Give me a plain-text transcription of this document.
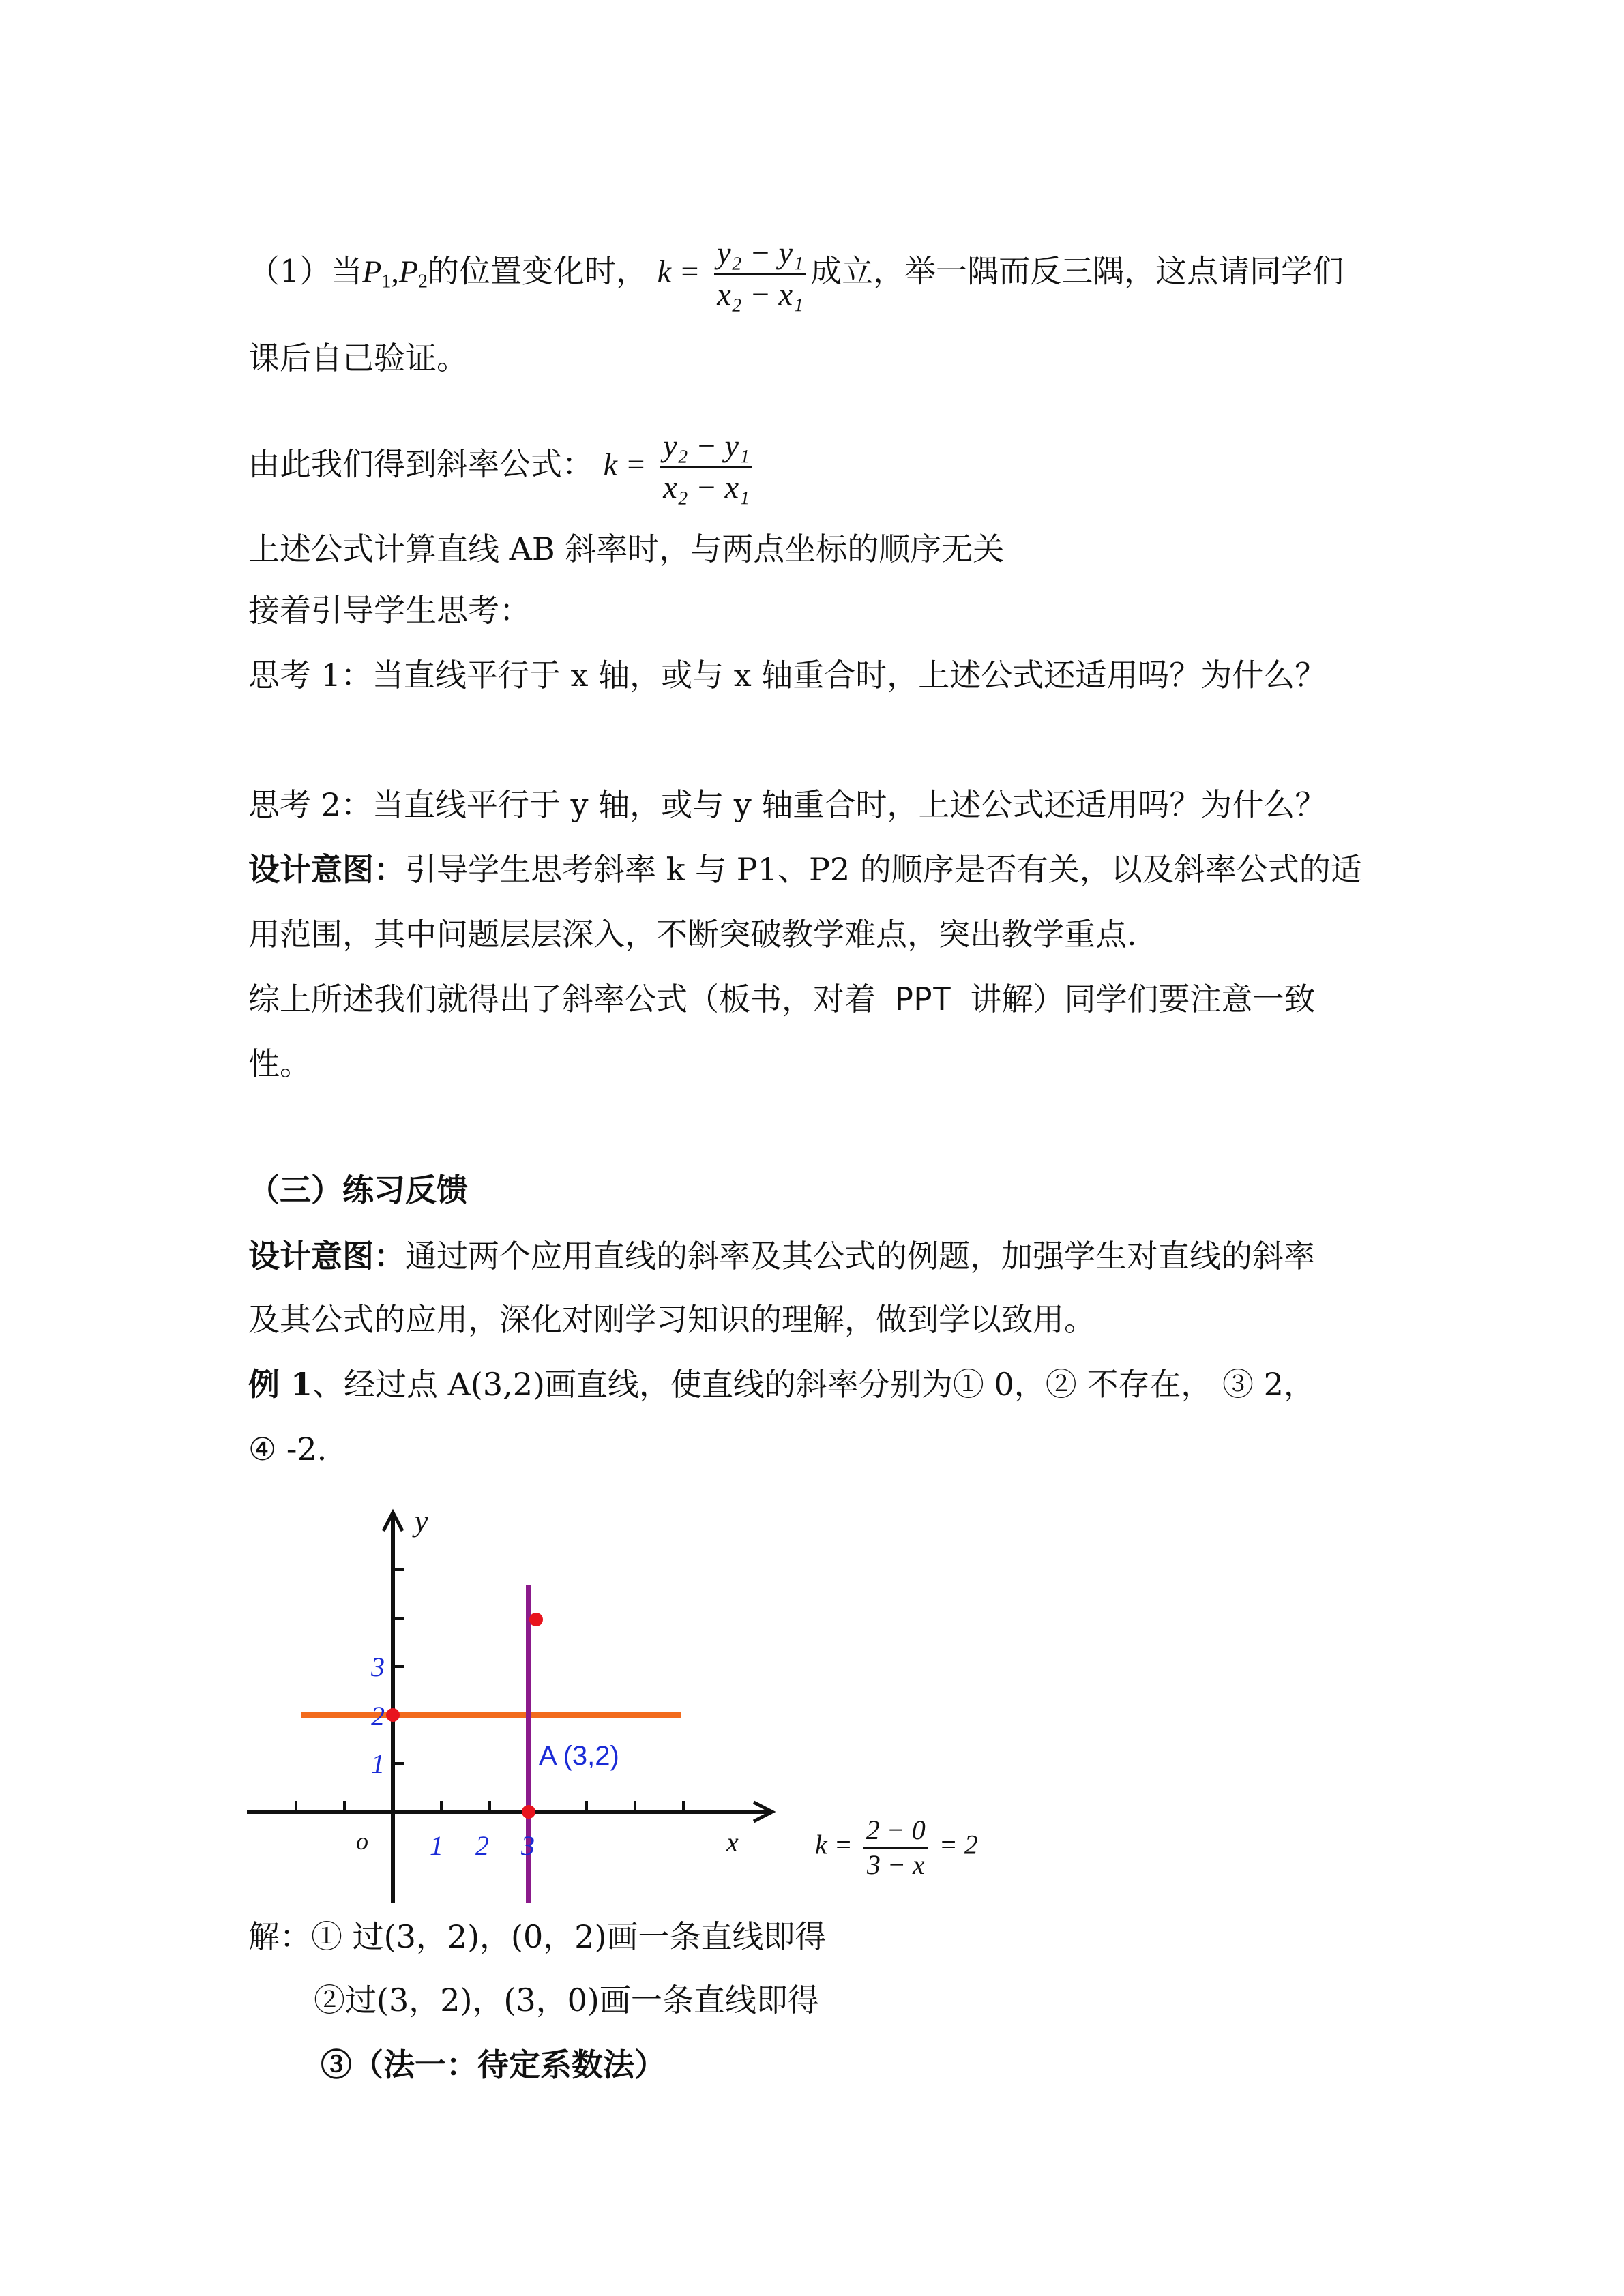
（1）当$P_1,P_2$的位置变化时， $k = \frac{\text{y₂ − y₁}}{\text{x₂ − x₁}}$ 成立，举一隅而反三隅，这点请同学们
课后自己验证。
由此我们得到斜率公式： $k = \frac{\text{y₂ − y₁}}{\text{x₂ − x₁}}$
上述公式计算直线 AB 斜率时，与两点坐标的顺序无关
接着引导学生思考：
思考 1：当直线平行于 x 轴，或与 x 轴重合时，上述公式还适用吗？为什么？
思考 2：当直线平行于 y 轴，或与 y 轴重合时，上述公式还适用吗？为什么？
设计意图：引导学生思考斜率 k 与 P1、P2 的顺序是否有关，以及斜率公式的适
用范围，其中问题层层深入，不断突破教学难点，突出教学重点.
综上所述我们就得出了斜率公式（板书，对着 PPT 讲解）同学们要注意一致
性。
（三）练习反馈
设计意图：通过两个应用直线的斜率及其公式的例题，加强学生对直线的斜率
及其公式的应用，深化对刚学习知识的理解，做到学以致用。
例 1、经过点 A(3,2)画直线，使直线的斜率分别为① 0，② 不存在， ③ 2，
④ -2.
1 2 3
1
2
3
o
y
x
A (3,2)
$k = \frac{2 - 0}{3 - x} = 2$
解：① 过(3，2)，(0，2)画一条直线即得
②过(3，2)，(3，0)画一条直线即得
③（法一：待定系数法）
